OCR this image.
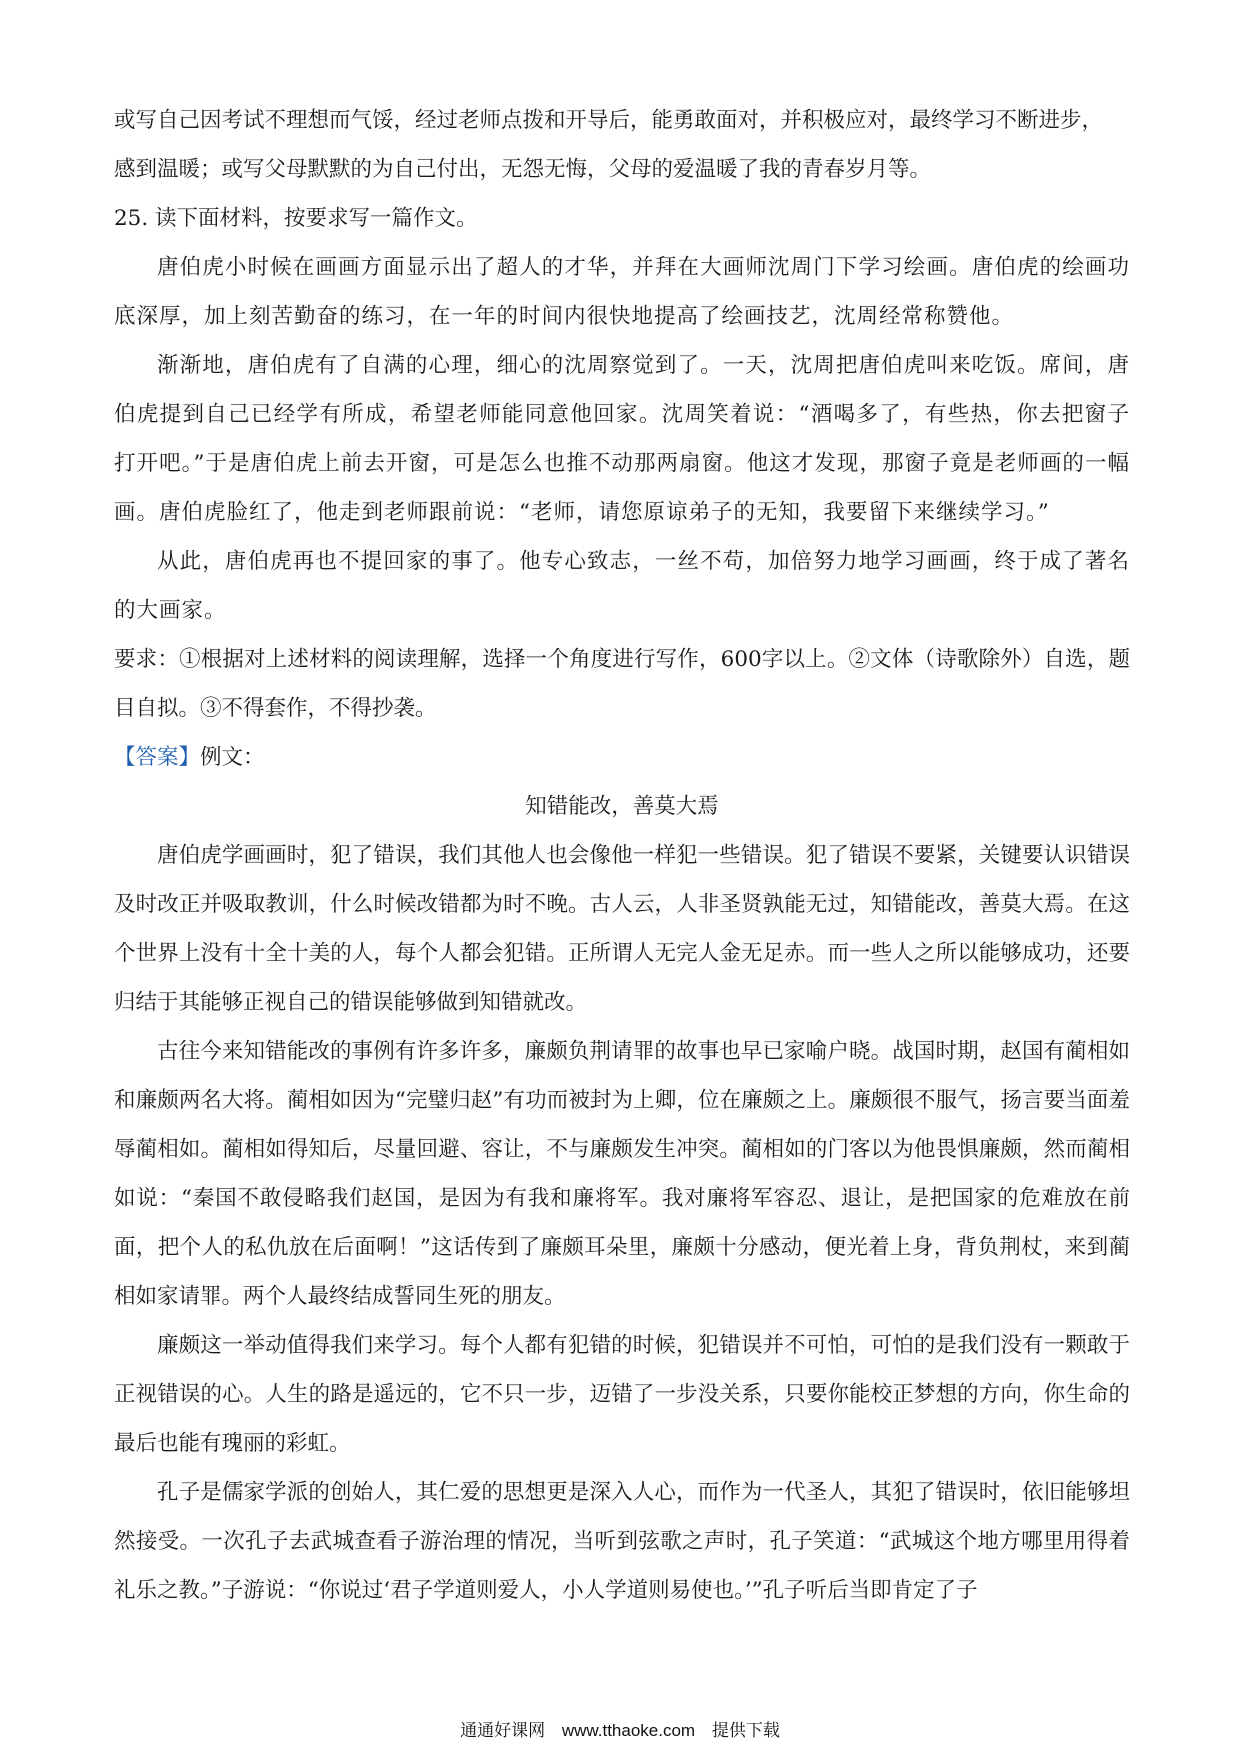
或写自己因考试不理想而气馁，经过老师点拨和开导后，能勇敢面对，并积极应对，最终学习不断进步，

感到温暖；或写父母默默的为自己付出，无怨无悔，父母的爱温暖了我的青春岁月等。

25. 读下面材料，按要求写一篇作文。

唐伯虎小时候在画画方面显示出了超人的才华，并拜在大画师沈周门下学习绘画。唐伯虎的绘画功底深厚，加上刻苦勤奋的练习，在一年的时间内很快地提高了绘画技艺，沈周经常称赞他。

渐渐地，唐伯虎有了自满的心理，细心的沈周察觉到了。一天，沈周把唐伯虎叫来吃饭。席间，唐伯虎提到自己已经学有所成，希望老师能同意他回家。沈周笑着说：“酒喝多了，有些热，你去把窗子打开吧。”于是唐伯虎上前去开窗，可是怎么也推不动那两扇窗。他这才发现，那窗子竟是老师画的一幅画。唐伯虎脸红了，他走到老师跟前说：“老师，请您原谅弟子的无知，我要留下来继续学习。”

从此，唐伯虎再也不提回家的事了。他专心致志，一丝不苟，加倍努力地学习画画，终于成了著名的大画家。

要求：①根据对上述材料的阅读理解，选择一个角度进行写作，600字以上。②文体（诗歌除外）自选，题目自拟。③不得套作，不得抄袭。

【答案】例文：

知错能改，善莫大焉

唐伯虎学画画时，犯了错误，我们其他人也会像他一样犯一些错误。犯了错误不要紧，关键要认识错误及时改正并吸取教训，什么时候改错都为时不晚。古人云，人非圣贤孰能无过，知错能改，善莫大焉。在这个世界上没有十全十美的人，每个人都会犯错。正所谓人无完人金无足赤。而一些人之所以能够成功，还要归结于其能够正视自己的错误能够做到知错就改。

古往今来知错能改的事例有许多许多，廉颇负荆请罪的故事也早已家喻户晓。战国时期，赵国有蔺相如和廉颇两名大将。蔺相如因为“完璧归赵”有功而被封为上卿，位在廉颇之上。廉颇很不服气，扬言要当面羞辱蔺相如。蔺相如得知后，尽量回避、容让，不与廉颇发生冲突。蔺相如的门客以为他畏惧廉颇，然而蔺相如说：“秦国不敢侵略我们赵国，是因为有我和廉将军。我对廉将军容忍、退让，是把国家的危难放在前面，把个人的私仇放在后面啊！”这话传到了廉颇耳朵里，廉颇十分感动，便光着上身，背负荆杖，来到蔺相如家请罪。两个人最终结成誓同生死的朋友。

廉颇这一举动值得我们来学习。每个人都有犯错的时候，犯错误并不可怕，可怕的是我们没有一颗敢于正视错误的心。人生的路是遥远的，它不只一步，迈错了一步没关系，只要你能校正梦想的方向，你生命的最后也能有瑰丽的彩虹。

孔子是儒家学派的创始人，其仁爱的思想更是深入人心，而作为一代圣人，其犯了错误时，依旧能够坦然接受。一次孔子去武城查看子游治理的情况，当听到弦歌之声时，孔子笑道：“武城这个地方哪里用得着礼乐之教。”子游说：“你说过‘君子学道则爱人，小人学道则易使也。’”孔子听后当即肯定了子

通通好课网 www.tthaoke.com 提供下载
